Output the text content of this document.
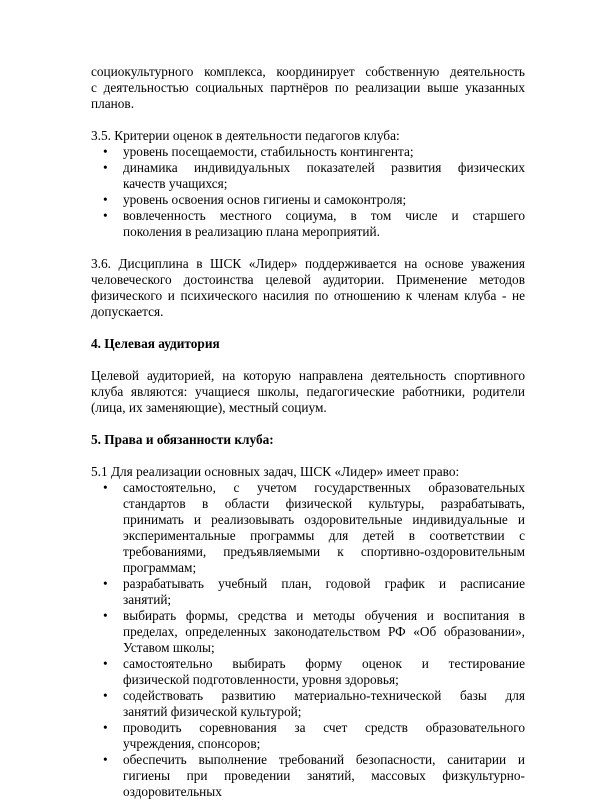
социокультурного комплекса, координирует собственную деятельность
с деятельностью социальных партнёров по реализации выше указанных
планов.
3.5. Критерии оценок в деятельности педагогов клуба:
• уровень посещаемости, стабильность контингента;
• динамика индивидуальных показателей развития физических
качеств учащихся;
• уровень освоения основ гигиены и самоконтроля;
• вовлеченность местного социума, в том числе и старшего
поколения в реализацию плана мероприятий.
3.6. Дисциплина в ШСК «Лидер» поддерживается на основе уважения
человеческого достоинства целевой аудитории. Применение методов
физического и психического насилия по отношению к членам клуба - не
допускается.
4. Целевая аудитория
Целевой аудиторией, на которую направлена деятельность спортивного
клуба являются: учащиеся школы, педагогические работники, родители
(лица, их заменяющие), местный социум.
5. Права и обязанности клуба:
5.1 Для реализации основных задач, ШСК «Лидер» имеет право:
• самостоятельно, с учетом государственных образовательных
стандартов в области физической культуры, разрабатывать,
принимать и реализовывать оздоровительные индивидуальные и
экспериментальные программы для детей в соответствии с
требованиями, предъявляемыми к спортивно-оздоровительным
программам;
• разрабатывать учебный план, годовой график и расписание
занятий;
• выбирать формы, средства и методы обучения и воспитания в
пределах, определенных законодательством РФ «Об образовании»,
Уставом школы;
• самостоятельно выбирать форму оценок и тестирование
физической подготовленности, уровня здоровья;
• содействовать развитию материально-технической базы для
занятий физической культурой;
• проводить соревнования за счет средств образовательного
учреждения, спонсоров;
• обеспечить выполнение требований безопасности, санитарии и
гигиены при проведении занятий, массовых физкультурно-
оздоровительных
